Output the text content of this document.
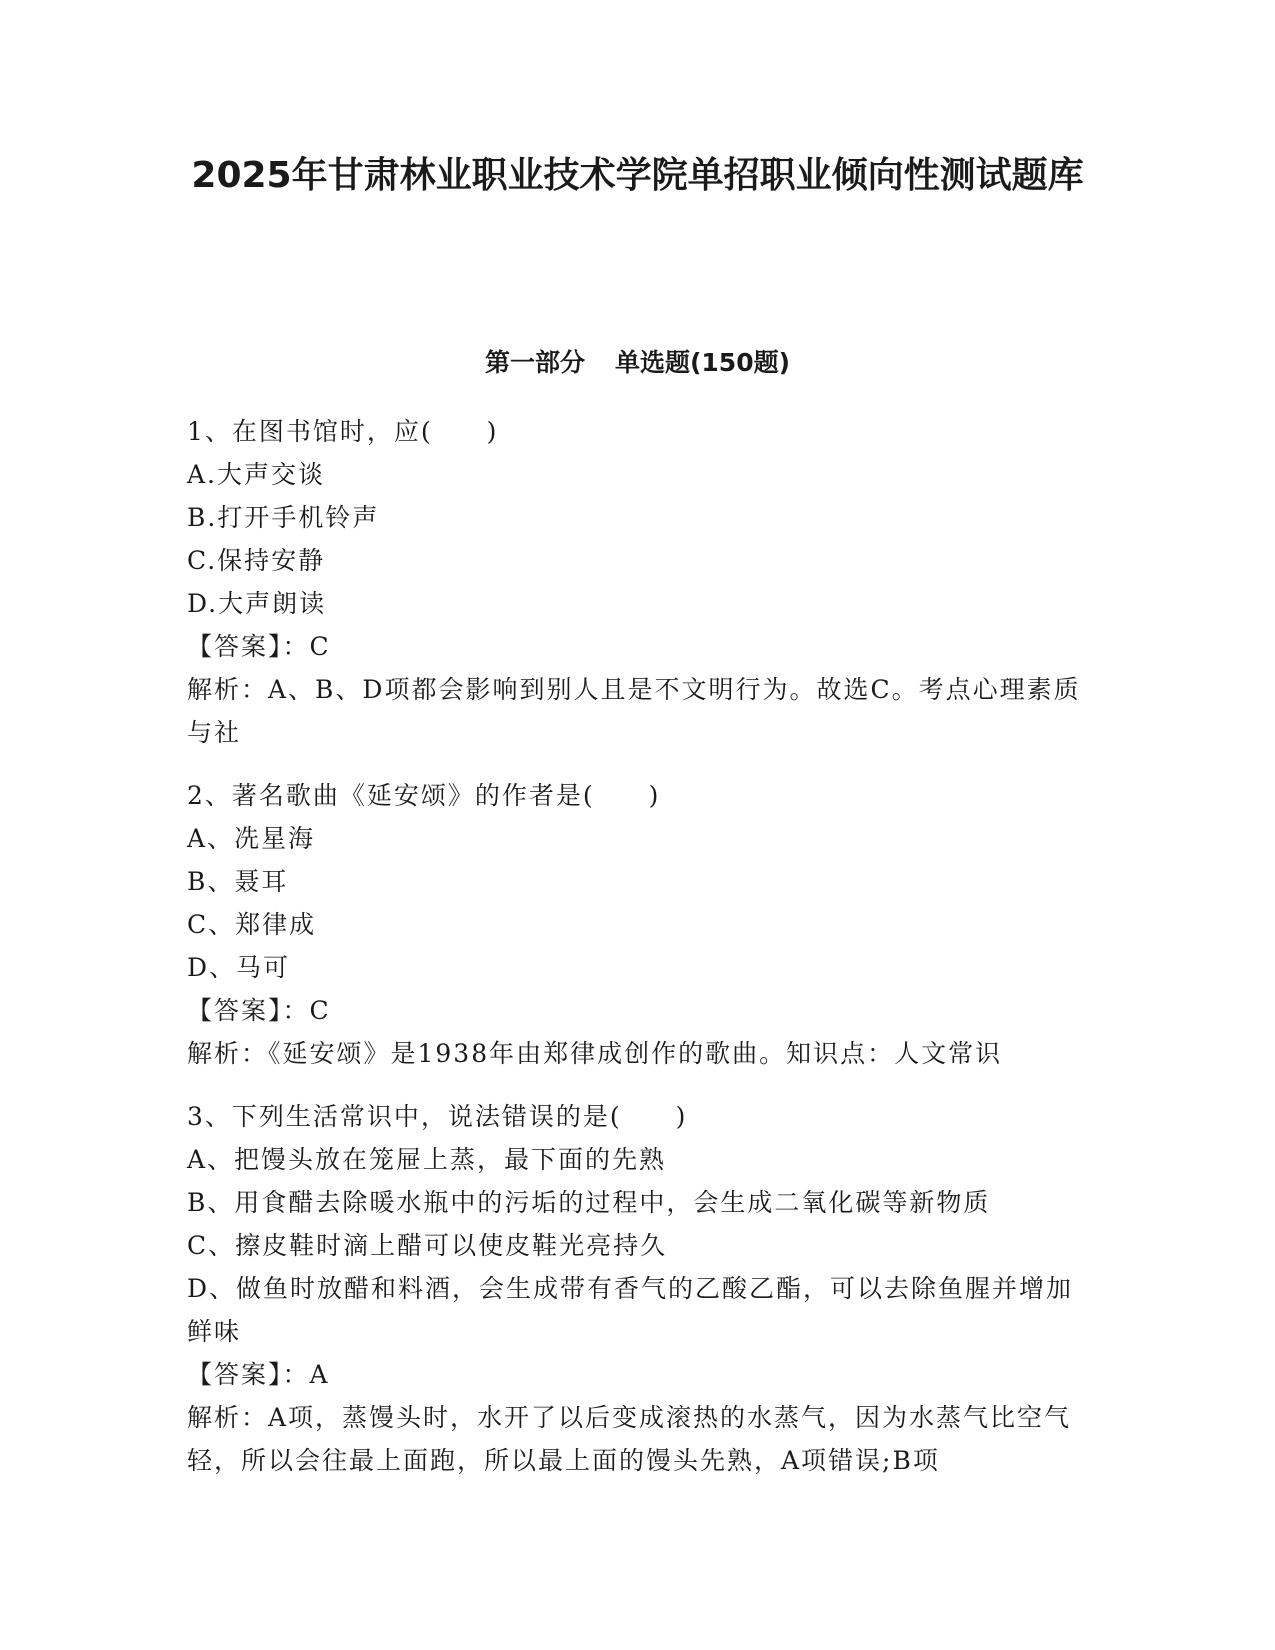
2025年甘肃林业职业技术学院单招职业倾向性测试题库
第一部分 单选题(150题)

1、在图书馆时，应(　　)

A.大声交谈

B.打开手机铃声

C.保持安静

D.大声朗读

【答案】：C

解析：A、B、D项都会影响到别人且是不文明行为。故选C。考点心理素质与社

2、著名歌曲《延安颂》的作者是(　　)

A、冼星海

B、聂耳

C、郑律成

D、马可

【答案】：C

解析：《延安颂》是1938年由郑律成创作的歌曲。知识点：人文常识

3、下列生活常识中，说法错误的是(　　)

A、把馒头放在笼屉上蒸，最下面的先熟

B、用食醋去除暖水瓶中的污垢的过程中，会生成二氧化碳等新物质

C、擦皮鞋时滴上醋可以使皮鞋光亮持久

D、做鱼时放醋和料酒，会生成带有香气的乙酸乙酯，可以去除鱼腥并增加鲜味

【答案】：A

解析：A项，蒸馒头时，水开了以后变成滚热的水蒸气，因为水蒸气比空气轻，所以会往最上面跑，所以最上面的馒头先熟，A项错误;B项
